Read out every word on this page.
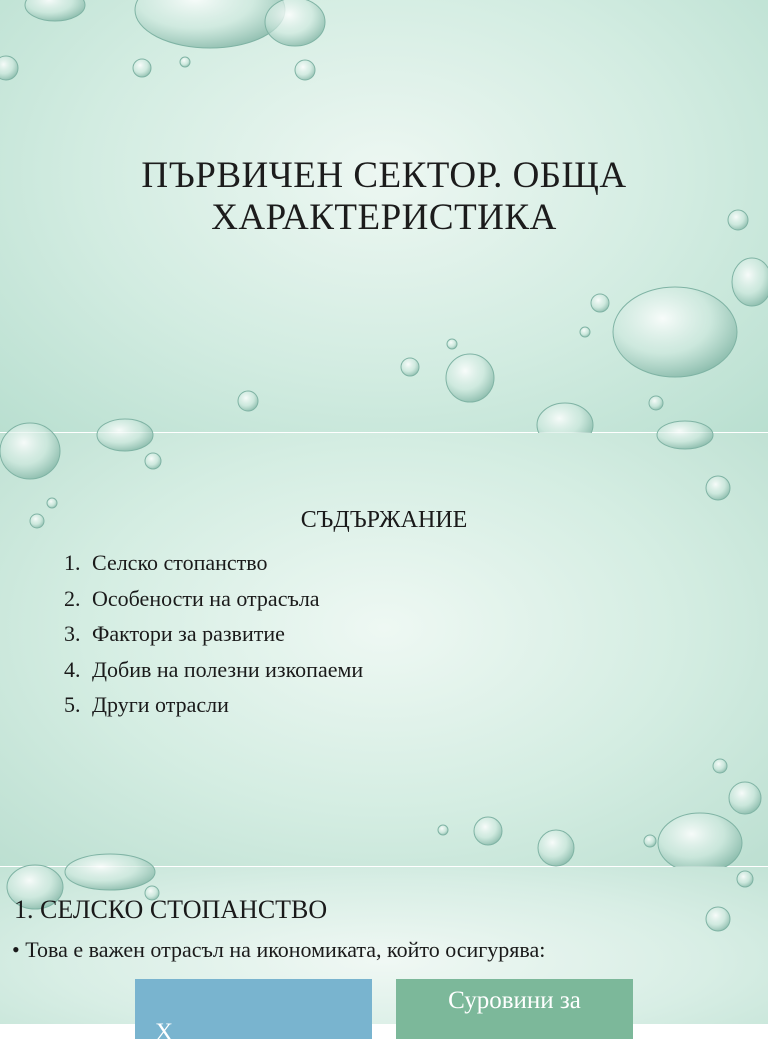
ПЪРВИЧЕН СЕКТОР. ОБЩА
ХАРАКТЕРИСТИКА
СЪДЪРЖАНИЕ
1. Селско стопанство
2. Особености на отрасъла
3. Фактори за развитие
4. Добив на полезни изкопаеми
5. Други отрасли
1. СЕЛСКО СТОПАНСТВО
• Това е важен отрасъл на икономиката, който осигурява:
Х
Суровини за
